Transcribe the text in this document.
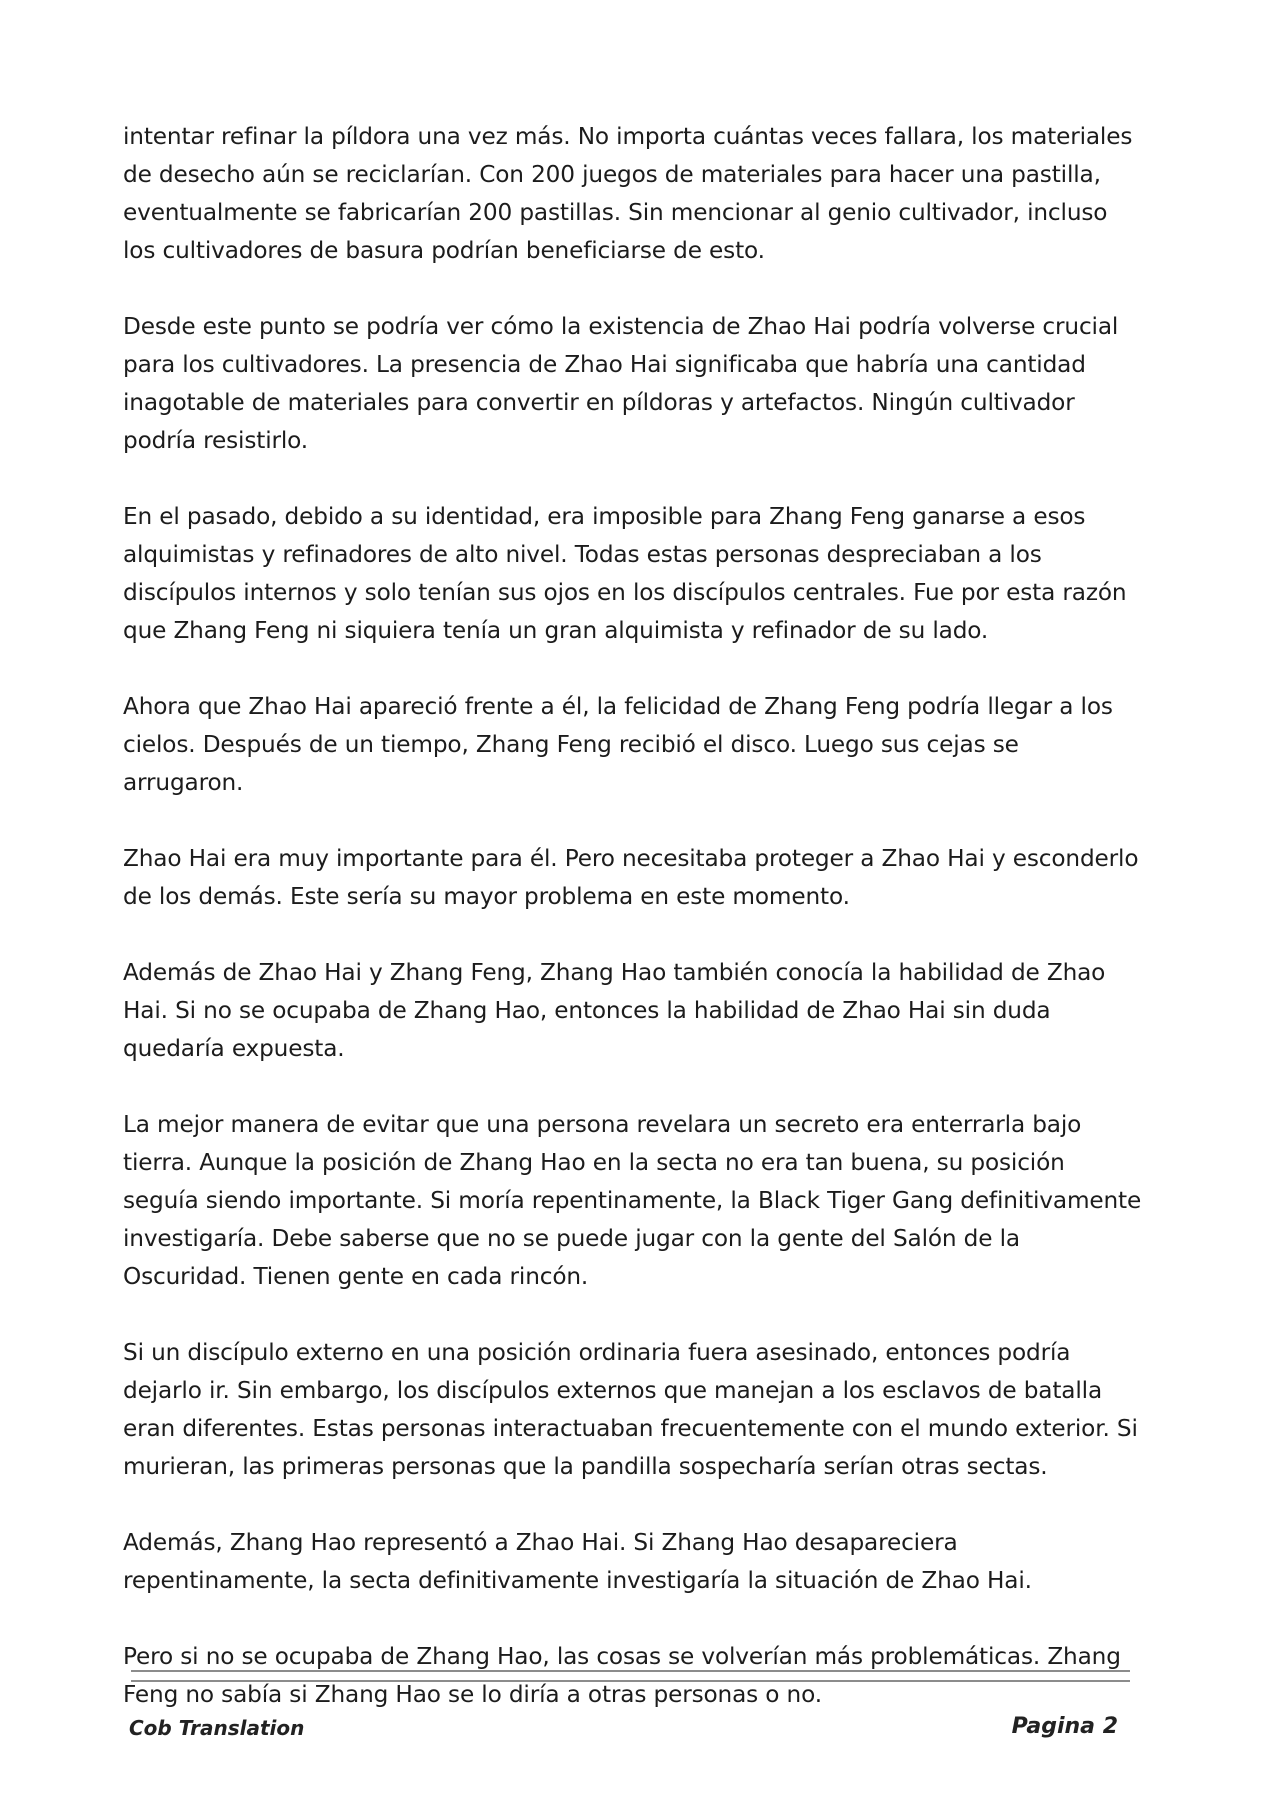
intentar refinar la píldora una vez más. No importa cuántas veces fallara, los materiales de desecho aún se reciclarían. Con 200 juegos de materiales para hacer una pastilla, eventualmente se fabricarían 200 pastillas. Sin mencionar al genio cultivador, incluso los cultivadores de basura podrían beneficiarse de esto.

Desde este punto se podría ver cómo la existencia de Zhao Hai podría volverse crucial para los cultivadores. La presencia de Zhao Hai significaba que habría una cantidad inagotable de materiales para convertir en píldoras y artefactos. Ningún cultivador podría resistirlo.

En el pasado, debido a su identidad, era imposible para Zhang Feng ganarse a esos alquimistas y refinadores de alto nivel. Todas estas personas despreciaban a los discípulos internos y solo tenían sus ojos en los discípulos centrales. Fue por esta razón que Zhang Feng ni siquiera tenía un gran alquimista y refinador de su lado.

Ahora que Zhao Hai apareció frente a él, la felicidad de Zhang Feng podría llegar a los cielos. Después de un tiempo, Zhang Feng recibió el disco. Luego sus cejas se arrugaron.

Zhao Hai era muy importante para él. Pero necesitaba proteger a Zhao Hai y esconderlo de los demás. Este sería su mayor problema en este momento.

Además de Zhao Hai y Zhang Feng, Zhang Hao también conocía la habilidad de Zhao Hai. Si no se ocupaba de Zhang Hao, entonces la habilidad de Zhao Hai sin duda quedaría expuesta.

La mejor manera de evitar que una persona revelara un secreto era enterrarla bajo tierra. Aunque la posición de Zhang Hao en la secta no era tan buena, su posición seguía siendo importante. Si moría repentinamente, la Black Tiger Gang definitivamente investigaría. Debe saberse que no se puede jugar con la gente del Salón de la Oscuridad. Tienen gente en cada rincón.

Si un discípulo externo en una posición ordinaria fuera asesinado, entonces podría dejarlo ir. Sin embargo, los discípulos externos que manejan a los esclavos de batalla eran diferentes. Estas personas interactuaban frecuentemente con el mundo exterior. Si murieran, las primeras personas que la pandilla sospecharía serían otras sectas.

Además, Zhang Hao representó a Zhao Hai. Si Zhang Hao desapareciera repentinamente, la secta definitivamente investigaría la situación de Zhao Hai.

Pero si no se ocupaba de Zhang Hao, las cosas se volverían más problemáticas. Zhang Feng no sabía si Zhang Hao se lo diría a otras personas o no.

Cob Translation	Pagina 2
